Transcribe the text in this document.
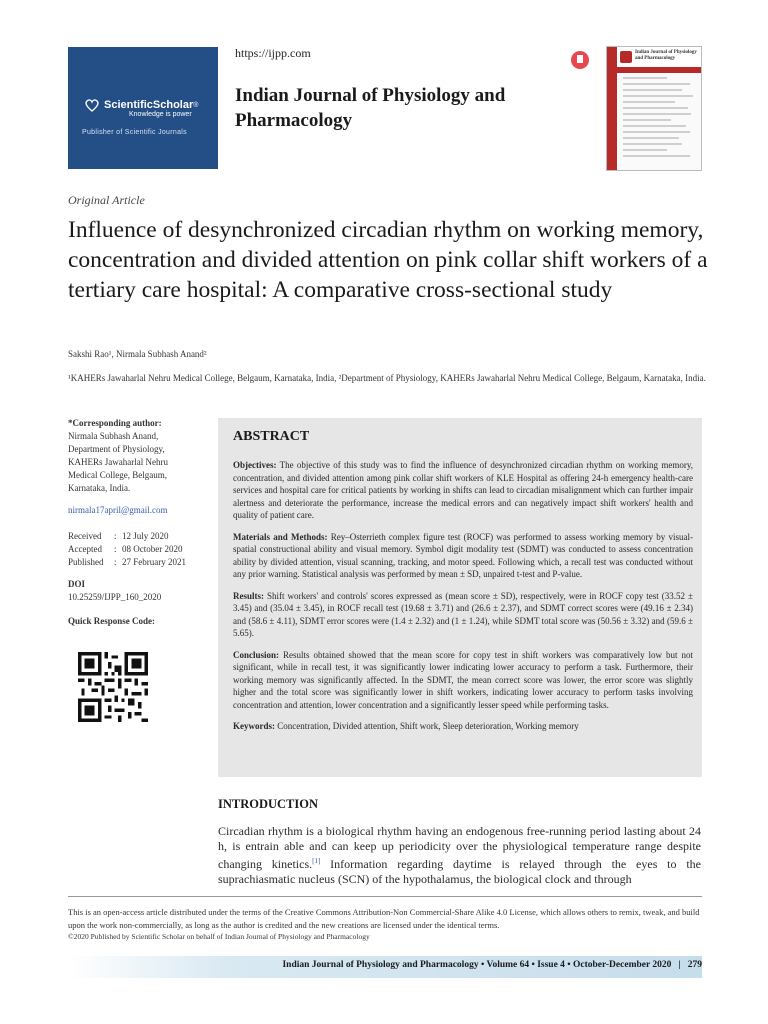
ScientificScholar ®
Knowledge is power
Publisher of Scientific Journals
https://ijpp.com
Indian Journal of Physiology and Pharmacology
Indian Journal of Physiology and Pharmacology
Original Article
Influence of desynchronized circadian rhythm on working memory, concentration and divided attention on pink collar shift workers of a tertiary care hospital: A comparative cross-sectional study
Sakshi Rao¹, Nirmala Subhash Anand²
¹KAHERs Jawaharlal Nehru Medical College, Belgaum, Karnataka, India, ²Department of Physiology, KAHERs Jawaharlal Nehru Medical College, Belgaum, Karnataka, India.
*Corresponding author:
Nirmala Subhash Anand,
Department of Physiology,
KAHERs Jawaharlal Nehru
Medical College, Belgaum,
Karnataka, India.
nirmala17april@gmail.com
Received	: 12 July 2020
Accepted	: 08 October 2020
Published	: 27 February 2021
DOI
10.25259/IJPP_160_2020
Quick Response Code:
ABSTRACT

Objectives: The objective of this study was to find the influence of desynchronized circadian rhythm on working memory, concentration, and divided attention among pink collar shift workers of KLE Hospital as offering 24-h emergency health-care services and hospital care for critical patients by working in shifts can lead to circadian misalignment which can further impair alertness and deteriorate the performance, increase the medical errors and can negatively impact shift workers' health and quality of patient care.

Materials and Methods: Rey–Osterrieth complex figure test (ROCF) was performed to assess working memory by visual-spatial constructional ability and visual memory. Symbol digit modality test (SDMT) was conducted to assess concentration ability by divided attention, visual scanning, tracking, and motor speed. Following which, a recall test was conducted without any prior warning. Statistical analysis was performed by mean ± SD, unpaired t-test and P-value.

Results: Shift workers' and controls' scores expressed as (mean score ± SD), respectively, were in ROCF copy test (33.52 ± 3.45) and (35.04 ± 3.45), in ROCF recall test (19.68 ± 3.71) and (26.6 ± 2.37), and SDMT correct scores were (49.16 ± 2.34) and (58.6 ± 4.11), SDMT error scores were (1.4 ± 2.32) and (1 ± 1.24), while SDMT total score was (50.56 ± 3.32) and (59.6 ± 5.65).

Conclusion: Results obtained showed that the mean score for copy test in shift workers was comparatively low but not significant, while in recall test, it was significantly lower indicating lower accuracy to perform a task. Furthermore, their working memory was significantly affected. In the SDMT, the mean correct score was lower, the error score was slightly higher and the total score was significantly lower in shift workers, indicating lower accuracy to perform tasks involving concentration and attention, lower concentration and a significantly lesser speed while performing tasks.

Keywords: Concentration, Divided attention, Shift work, Sleep deterioration, Working memory

INTRODUCTION
Circadian rhythm is a biological rhythm having an endogenous free-running period lasting about 24 h, is entrain able and can keep up periodicity over the physiological temperature range despite changing kinetics.[1] Information regarding daytime is relayed through the eyes to the suprachiasmatic nucleus (SCN) of the hypothalamus, the biological clock and through
This is an open-access article distributed under the terms of the Creative Commons Attribution-Non Commercial-Share Alike 4.0 License, which allows others to remix, tweak, and build upon the work non-commercially, as long as the author is credited and the new creations are licensed under the identical terms.
©2020 Published by Scientific Scholar on behalf of Indian Journal of Physiology and Pharmacology
Indian Journal of Physiology and Pharmacology • Volume 64 • Issue 4 • October-December 2020   |   279
